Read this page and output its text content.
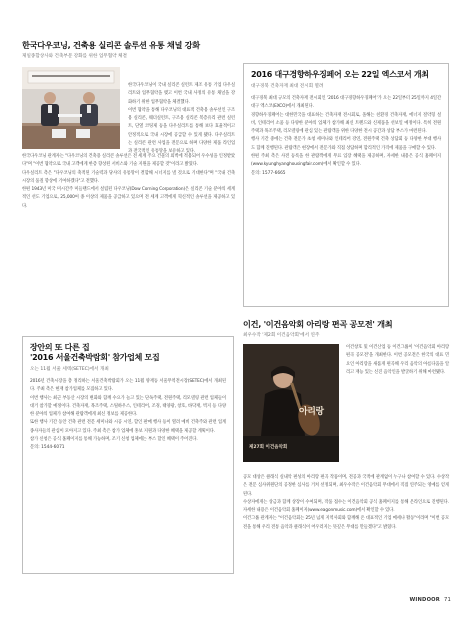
한국다우코닝, 건축용 실리콘 솔루션 유통 채널 강화
제일종합상사와 건축부문 강화를 위한 업무협약 체결
한국다우코닝이 국내 실리콘 실런트 제조 유통 기업 다우실리트와 업무협약을 맺고 이번 국내 사정의 유통 채널을 강화하기 위한 업무협약을 체결했다.
이번 협약을 통해 다우코닝의 대표적 건축용 솔루션인 구조용 실리콘, 웨더실런트, 구조용 실리콘 복층유리 관련 실런트, 단열 코팅제 등을 다우실리트를 통해 보다 효율적이고 안정적으로 국내 시장에 공급할 수 있게 됐다. 다우실리트는 실리콘 관련 사업을 전문으로 하며 다양한 제품 라인업과 전국적인 유통망을 보유하고 있다.
한국다우코닝 관계자는 "다우코닝의 건축용 실리콘 솔루션은 전 세계 주요 건물의 외벽에 적용되어 우수성을 인정받았다"며 "이번 협약으로 국내 고객에게 한층 향상된 서비스와 기술 지원을 제공할 것"이라고 밝혔다.
다우실리트 측은 "다우코닝의 축적된 기술력과 당사의 유통망이 결합해 시너지를 낼 것으로 기대한다"며 "국내 건축 시장의 품질 향상에 기여하겠다"고 전했다.
한편 1943년 미국 미시간주 미들랜드에서 설립된 다우코닝(Dow Corning Corporation)은 실리콘 기술 분야의 세계적인 선도 기업으로, 25,000여 종 이상의 제품을 공급하고 있으며 전 세계 고객에게 혁신적인 솔루션을 제공하고 있다.
장안의 또 다른 집
'2016 서울건축박람회' 참가업체 모집
오는 11월 서울 세텍(SETEC)에서 개최
2016년 건축시장을 총 정리하는 서울건축박람회가 오는 11월 양재동 서울무역전시장(SETEC)에서 개최된다. 주최 측은 현재 참가업체를 모집하고 있다.
이번 행사는 최근 부동산 시장의 변화와 함께 수요가 늘고 있는 단독주택, 전원주택, 리모델링 관련 업체들이 대거 참가할 예정이다. 건축자재, 목조주택, 스틸하우스, 인테리어, 조경, 태양광, 창호, 바닥재, 벽지 등 다양한 분야의 업체가 참여해 관람객에게 최신 정보를 제공한다.
또한 행사 기간 동안 건축 관련 전문 세미나와 시공 시연, 할인 판매 행사 등이 열려 예비 건축주와 관련 업계 종사자들의 관심이 모아지고 있다. 주최 측은 참가 업체에 홍보 지원과 다양한 혜택을 제공할 계획이다.
참가 신청은 공식 홈페이지를 통해 가능하며, 조기 신청 업체에는 부스 할인 혜택이 주어진다.
문의: 1544-6071
2016 대구경향하우징페어 오는 22일 엑스코서 개최
대구경북 건축자재 최대 전시회 열려
대구경북 최대 규모의 건축자재 전시회인 '2016 대구경향하우징페어'가 오는 22일부터 25일까지 4일간 대구 엑스코(EXCO)에서 개최된다.
경향하우징페어는 대한민국을 대표하는 건축자재 전시회로, 올해는 친환경 건축자재, 에너지 절약형 설비, 인테리어 소품 등 다양한 분야의 업체가 참가해 최신 트렌드와 신제품을 선보일 예정이다. 특히 전원주택과 목조주택, 리모델링에 관심 있는 관람객을 위한 다양한 전시 공간과 상담 부스가 마련된다.
행사 기간 중에는 건축 전문가 초청 세미나와 인테리어 강연, 전원주택 건축 상담회 등 다양한 부대 행사도 함께 진행된다. 관람객은 현장에서 전문가와 직접 상담하며 합리적인 가격에 제품을 구매할 수 있다.
한편 주최 측은 사전 등록을 한 관람객에게 무료 입장 혜택을 제공하며, 자세한 내용은 공식 홈페이지(www.kyunghyanghousingfair.com)에서 확인할 수 있다.
문의: 1577-6665
이건, '이건음악회 아리랑 편곡 공모전' 개최
최우수작 '제2회 이건음악회'에서 연주
아리랑
제27회 이건음악회
이건창호 및 이건산업 등 이건그룹이 '이건음악회 아리랑 편곡 공모전'을 개최한다. 이번 공모전은 한국의 대표 민요인 아리랑을 새롭게 편곡해 우리 음악의 아름다움을 알리고 재능 있는 신진 음악인을 발굴하기 위해 마련됐다.
공모 대상은 클래식 실내악 편성의 아리랑 편곡 작품이며, 전공과 국적에 관계없이 누구나 참여할 수 있다. 수상작은 전문 심사위원단의 공정한 심사를 거쳐 선정되며, 최우수작은 이건음악회 무대에서 직접 연주되는 영예를 얻게 된다.
수상자에게는 상금과 함께 상장이 수여되며, 작품 접수는 이건음악회 공식 홈페이지를 통해 온라인으로 진행된다. 자세한 내용은 이건음악회 홈페이지(www.eagonmusic.com)에서 확인할 수 있다.
이건그룹 관계자는 "이건음악회는 25년 넘게 지역사회와 함께해 온 대표적인 기업 메세나 활동"이라며 "이번 공모전을 통해 우리 전통 음악과 클래식이 어우러지는 뜻깊은 무대를 만들겠다"고 밝혔다.
WINDOOR 71
